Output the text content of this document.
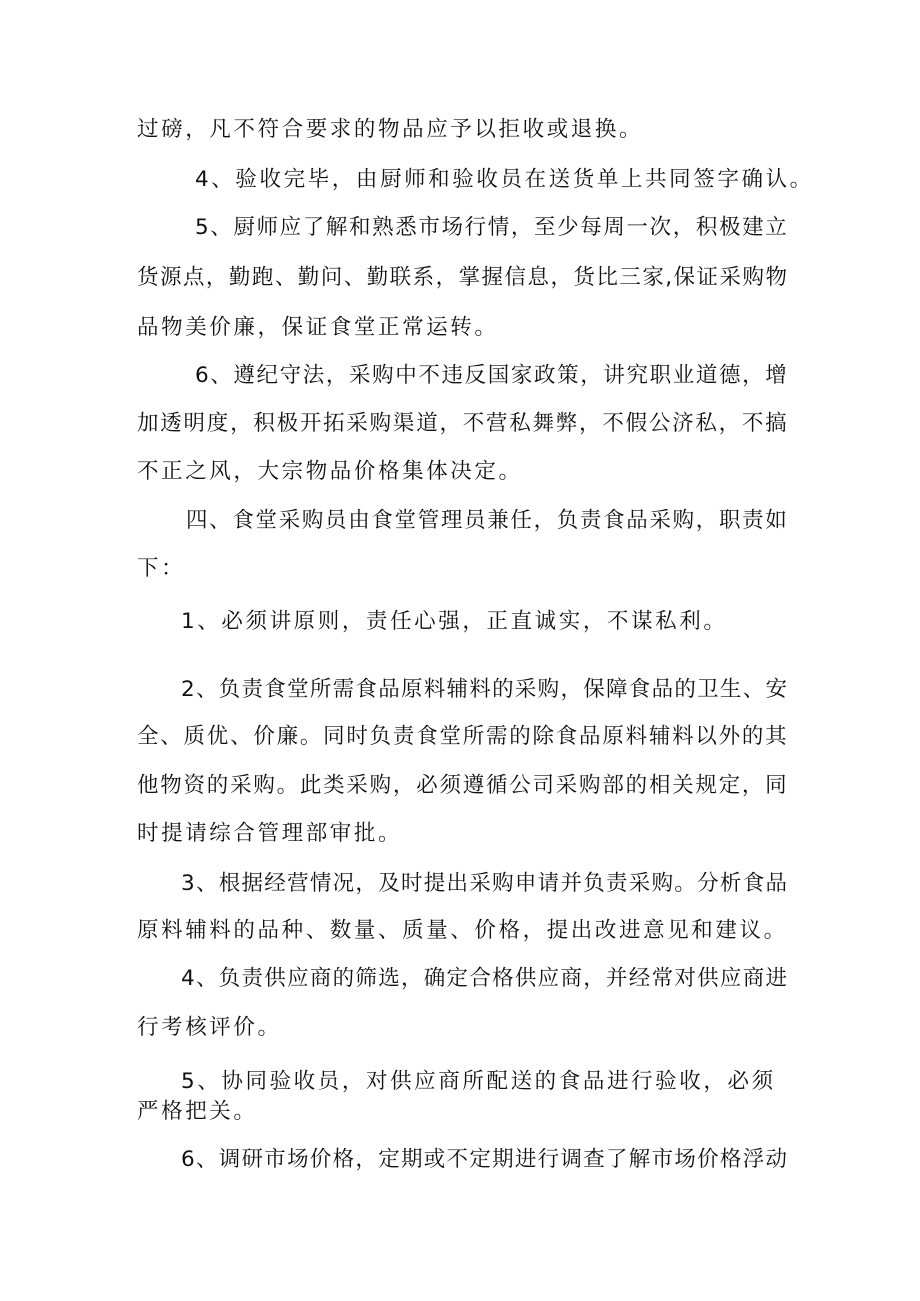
过磅，凡不符合要求的物品应予以拒收或退换。
4、验收完毕，由厨师和验收员在送货单上共同签字确认。
5 、 厨 师 应 了 解 和 熟 悉 市 场 行 情 ， 至 少 每 周 一 次 ， 积 极 建 立
货 源 点 ， 勤 跑 、 勤 问 、 勤 联 系 ， 掌 握 信 息 ， 货 比 三 家 , 保 证 采 购 物
品物美价廉，保证食堂正常运转。
6 、 遵 纪 守 法 ， 采 购 中 不 违 反 国 家 政 策 ， 讲 究 职 业 道 德 ， 增
加 透 明 度 ， 积 极 开 拓 采 购 渠 道 ， 不 营 私 舞 弊 ， 不 假 公 济 私 ， 不 搞
不正之风，大宗物品价格集体决定。
四 、 食 堂 采 购 员 由 食 堂 管 理 员 兼 任 ， 负 责 食 品 采 购 ， 职 责 如
下：
1、必须讲原则，责任心强，正直诚实，不谋私利。
2 、 负 责 食 堂 所 需 食 品 原 料 辅 料 的 采 购 ， 保 障 食 品 的 卫 生 、 安
全 、 质 优 、 价 廉 。 同 时 负 责 食 堂 所 需 的 除 食 品 原 料 辅 料 以 外 的 其
他 物 资 的 采 购 。 此 类 采 购 ， 必 须 遵 循 公 司 采 购 部 的 相 关 规 定 ， 同
时提请综合管理部审批。
3 、 根 据 经 营 情 况 ， 及 时 提 出 采 购 申 请 并 负 责 采 购 。 分 析 食 品
原料辅料的品种、数量、质量、价格，提出改进意见和建议。
4 、 负 责 供 应 商 的 筛 选 ， 确 定 合 格 供 应 商 ， 并 经 常 对 供 应 商 进
行考核评价。
5、协同验收员，对供应商所配送的食品进行验收，必须
严格把关。
6 、 调 研 市 场 价 格 ， 定 期 或 不 定 期 进 行 调 查 了 解 市 场 价 格 浮 动
